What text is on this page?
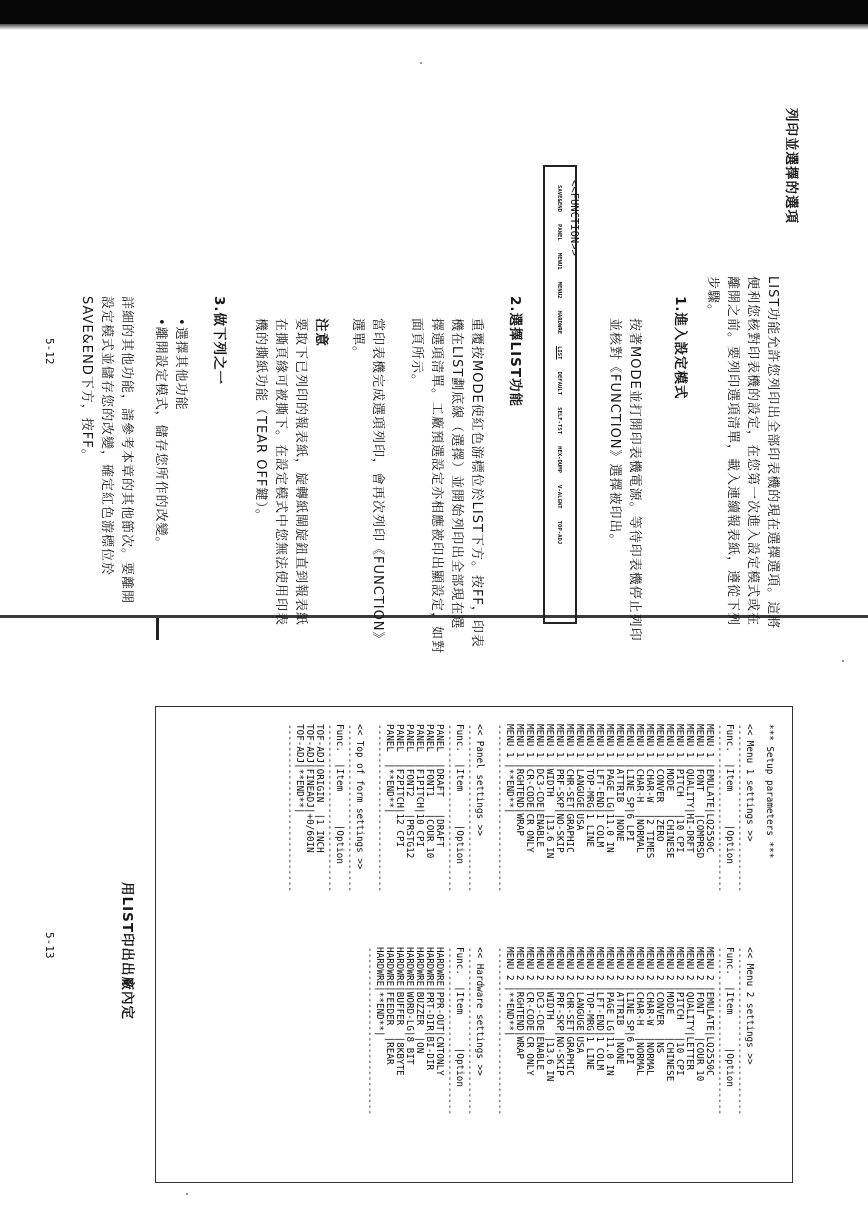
列印並選擇的選項
LIST功能允許您列印出全部印表機的現在選擇選項。這將
便利您核對印表機的設定，在您第一次進入設定模式或在
離開之前。要列印選項清單，載入連續報表紙，遵從下列
步驟。
1.進入設定模式
按著MODE並打開印表機電源。等待印表機停止列印
並核對《FUNCTION》選擇被印出。
<<FUNCTION>>
SAVE&END
PANEL
MENU1
MENU2
HARDWRE
LIST
DEFAULT
SELF-TST
HEX-DUMP
V-ALGNT
TOP-ADJ
2.選擇LIST功能
重覆按MODE使紅色游標位於LIST下方。按FF，印表
機在LIST劃底線（選擇）並開始列印出全部現在選
擇選項清單。工廠預選設定亦相應被印出顯設定，如對
面頁所示。
當印表機完成選項列印，會再次列印《FUNCTION》
選單。
注意
要取下已列印的報表紙，旋轉紙閘旋鈕直到報表紙
在撕頁緣可被撕下。在設定模式中您無法使用印表
機的撕紙功能（TEAR OFF鍵）。
3.做下列之一
•選擇其他功能
•離開設定模式，儲存您所作的改變。
詳細的其他功能，請參考本章的其他節次。要離開
設定模式並儲存您的改變，確定紅色游標位於
SAVE&END下方，按FF。
5-12
用LIST印出出廠內定
5-13
*** Setup parameters ***
<< Menu 1 settings >>
------------------------------
Func.  |Item      |Option
------------------------------
MENU 1 |EMULATE|LQ2550C
MENU 1 |FONT    |COMPRSD
MENU 1 |QUALITY|HI-DRFT
MENU 1 |PITCH   |10 CPI
MENU 1 |MODE    |CHINESE
MENU 1 |CONVER  |ZERO
MENU 1 |CHAR-W  |2 TIMES
MENU 1 |CHAR-H  |NORMAL
MENU 1 |LINE SP|6 LPI
MENU 1 |ATTRIB  |NONE
MENU 1 |PAGE LG|11.0 IN
MENU 1 |LFT-END|1 COLM
MENU 1 |TOP-MRG|1 LINE
MENU 1 |LANGUGE|USA
MENU 1 |CHR-SET|GRAPHIC
MENU 1 |PRF-SKP|NO-SKIP
MENU 1 |WIDTH   |13.6 IN
MENU 1 |DC3-CDE|ENABLE
MENU 1 |CR-CODE|CR ONLY
MENU 1 |RGHTEND|WRAP
MENU 1 |**END**|
------------------------------
<< Panel settings >>
------------------------------
Func.  |Item      |Option
------------------------------
PANEL  |DRAFT   |DRAFT
PANEL  |FONT1   |COUR 10
PANEL  |F1PITCH|10 CPI
PANEL  |FONT2   |PRSTG12
PANEL  |F2PITCH|12 CPI
PANEL  |**END**|
------------------------------
<< Top of form settings >>
------------------------------
Func.  |Item      |Option
------------------------------
TOF-ADJ|ORIGIN  |1 INCH
TOF-ADJ|FINEADJ|+0/60IN
TOF-ADJ|**END**|
------------------------------
<< Menu 2 settings >>
------------------------------
Func.  |Item      |Option
------------------------------
MENU 2 |EMULATE|LQ2550C
MENU 2 |FONT    |COUR 10
MENU 2 |QUALITY|LETTER
MENU 2 |PITCH   |10 CPI
MENU 2 |MODE    |CHINESE
MENU 2 |CONVER  |NS
MENU 2 |CHAR-W  |NORMAL
MENU 2 |CHAR-H  |NORMAL
MENU 2 |LINE SP|6 LPI
MENU 2 |ATTRIB  |NONE
MENU 2 |PAGE LG|11.0 IN
MENU 2 |LFT-END|1 COLM
MENU 2 |TOP-MRG|1 LINE
MENU 2 |LANGUGE|USA
MENU 2 |CHR-SET|GRAPHIC
MENU 2 |PRF-SKP|NO-SKIP
MENU 2 |WIDTH   |13.6 IN
MENU 2 |DC3-CDE|ENABLE
MENU 2 |CR-CODE|CR ONLY
MENU 2 |RGHTEND|WRAP
MENU 2 |**END**|
------------------------------
<< Hardware settings >>
------------------------------
Func.  |Item      |Option
------------------------------
HARDWRE|PPR-OUT|CNTONLY
HARDWRE|PRT-DIR|BI-DIR
HARDWRE|BUZZER  |ON
HARDWRE|WORD-LG|8 BIT
HARDWRE|BUFFER  |8KBYTE
HARDWRE|FEEDER  |REAR
HARDWRE|**END**|
------------------------------
